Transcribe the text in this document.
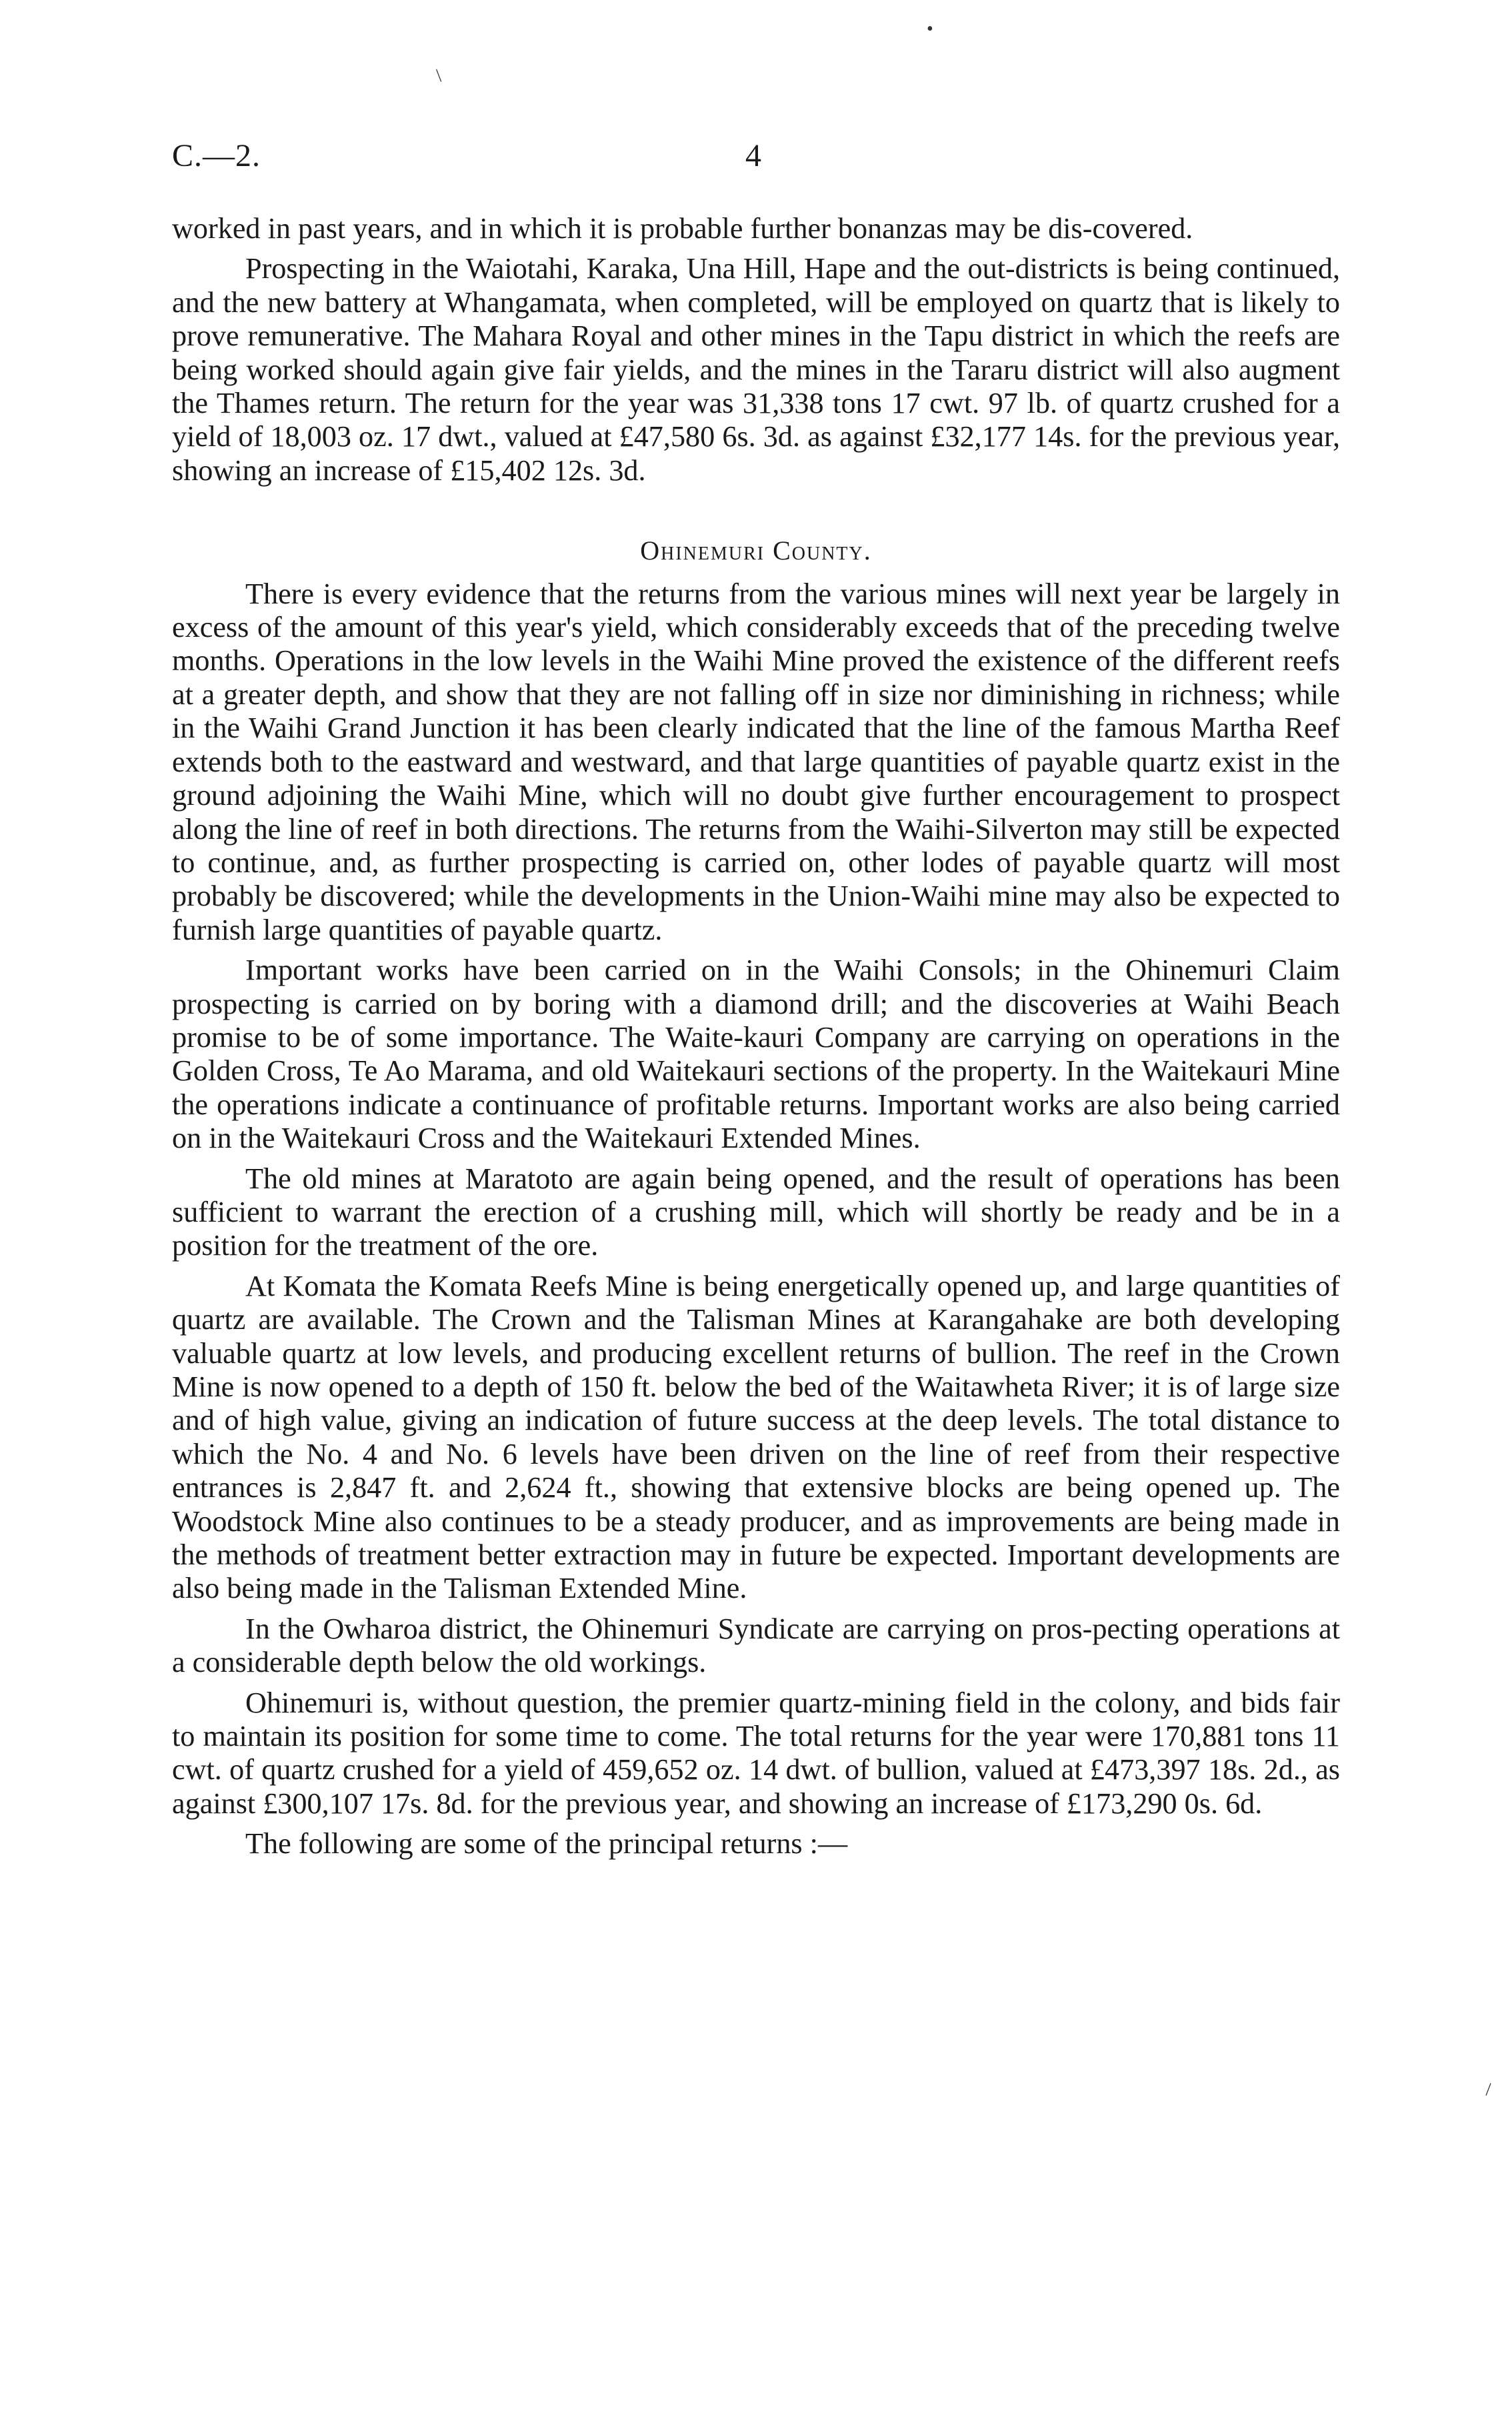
C.—2.	4

worked in past years, and in which it is probable further bonanzas may be dis-covered.

Prospecting in the Waiotahi, Karaka, Una Hill, Hape and the out-districts is being continued, and the new battery at Whangamata, when completed, will be employed on quartz that is likely to prove remunerative. The Mahara Royal and other mines in the Tapu district in which the reefs are being worked should again give fair yields, and the mines in the Tararu district will also augment the Thames return. The return for the year was 31,338 tons 17 cwt. 97 lb. of quartz crushed for a yield of 18,003 oz. 17 dwt., valued at £47,580 6s. 3d. as against £32,177 14s. for the previous year, showing an increase of £15,402 12s. 3d.

Ohinemuri County.

There is every evidence that the returns from the various mines will next year be largely in excess of the amount of this year's yield, which considerably exceeds that of the preceding twelve months. Operations in the low levels in the Waihi Mine proved the existence of the different reefs at a greater depth, and show that they are not falling off in size nor diminishing in richness; while in the Waihi Grand Junction it has been clearly indicated that the line of the famous Martha Reef extends both to the eastward and westward, and that large quantities of payable quartz exist in the ground adjoining the Waihi Mine, which will no doubt give further encouragement to prospect along the line of reef in both directions. The returns from the Waihi-Silverton may still be expected to continue, and, as further prospecting is carried on, other lodes of payable quartz will most probably be discovered; while the developments in the Union-Waihi mine may also be expected to furnish large quantities of payable quartz.

Important works have been carried on in the Waihi Consols; in the Ohinemuri Claim prospecting is carried on by boring with a diamond drill; and the discoveries at Waihi Beach promise to be of some importance. The Waite-kauri Company are carrying on operations in the Golden Cross, Te Ao Marama, and old Waitekauri sections of the property. In the Waitekauri Mine the operations indicate a continuance of profitable returns. Important works are also being carried on in the Waitekauri Cross and the Waitekauri Extended Mines.

The old mines at Maratoto are again being opened, and the result of operations has been sufficient to warrant the erection of a crushing mill, which will shortly be ready and be in a position for the treatment of the ore.

At Komata the Komata Reefs Mine is being energetically opened up, and large quantities of quartz are available. The Crown and the Talisman Mines at Karangahake are both developing valuable quartz at low levels, and producing excellent returns of bullion. The reef in the Crown Mine is now opened to a depth of 150 ft. below the bed of the Waitawheta River; it is of large size and of high value, giving an indication of future success at the deep levels. The total distance to which the No. 4 and No. 6 levels have been driven on the line of reef from their respective entrances is 2,847 ft. and 2,624 ft., showing that extensive blocks are being opened up. The Woodstock Mine also continues to be a steady producer, and as improvements are being made in the methods of treatment better extraction may in future be expected. Important developments are also being made in the Talisman Extended Mine.

In the Owharoa district, the Ohinemuri Syndicate are carrying on pros-pecting operations at a considerable depth below the old workings.

Ohinemuri is, without question, the premier quartz-mining field in the colony, and bids fair to maintain its position for some time to come. The total returns for the year were 170,881 tons 11 cwt. of quartz crushed for a yield of 459,652 oz. 14 dwt. of bullion, valued at £473,397 18s. 2d., as against £300,107 17s. 8d. for the previous year, and showing an increase of £173,290 0s. 6d.

The following are some of the principal returns :—

•
/
\
